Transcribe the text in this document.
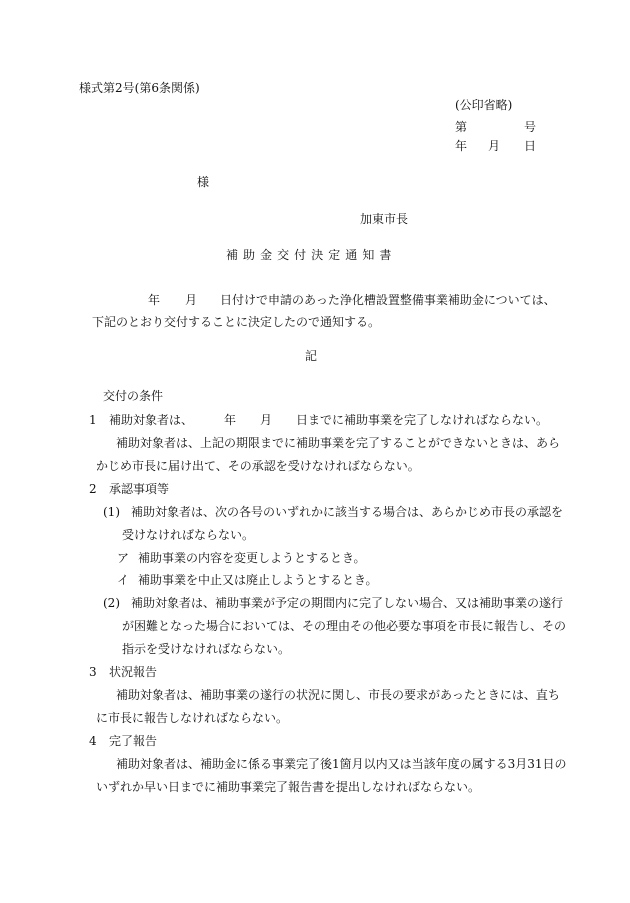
様式第2号(第6条関係)
(公印省略)
第	号
年 月 日
様
加東市長
補助金交付決定通知書
年 月 日付けで申請のあった浄化槽設置整備事業補助金については、
下記のとおり交付することに決定したので通知する。
記
交付の条件
1 補助対象者は、	年 月 日までに補助事業を完了しなければならない。
補助対象者は、上記の期限までに補助事業を完了することができないときは、あら
かじめ市長に届け出て、その承認を受けなければならない。
2 承認事項等
(1) 補助対象者は、次の各号のいずれかに該当する場合は、あらかじめ市長の承認を
受けなければならない。
ア 補助事業の内容を変更しようとするとき。
イ 補助事業を中止又は廃止しようとするとき。
(2) 補助対象者は、補助事業が予定の期間内に完了しない場合、又は補助事業の遂行
が困難となった場合においては、その理由その他必要な事項を市長に報告し、その
指示を受けなければならない。
3 状況報告
補助対象者は、補助事業の遂行の状況に関し、市長の要求があったときには、直ち
に市長に報告しなければならない。
4 完了報告
補助対象者は、補助金に係る事業完了後1箇月以内又は当該年度の属する3月31日の
いずれか早い日までに補助事業完了報告書を提出しなければならない。
